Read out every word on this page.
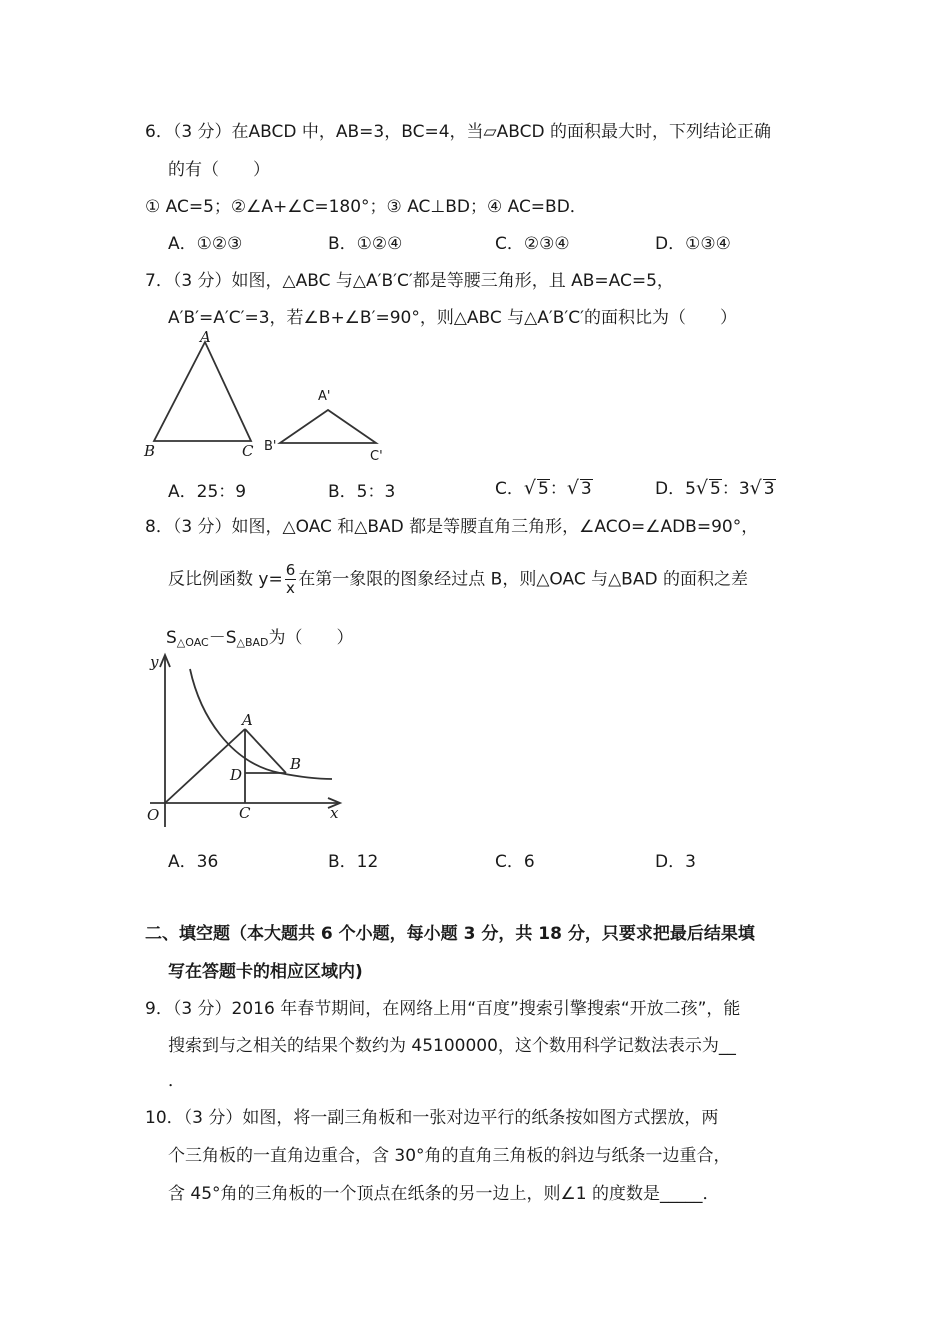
6．（3 分）在ABCD 中，AB=3，BC=4，当▱ABCD 的面积最大时，下列结论正确
的有（　　）
① AC=5；②∠A+∠C=180°；③ AC⊥BD；④ AC=BD．
A．①②③	B．①②④	C．②③④	D．①③④
7．（3 分）如图，△ABC 与△A′B′C′都是等腰三角形，且 AB=AC=5，
A′B′=A′C′=3，若∠B+∠B′=90°，则△ABC 与△A′B′C′的面积比为（　　）
A
B	C
A'
B'
C'
A．25：9	B．5：3	C．√ 5：√ 3	D．5√ 5：3√ 3
8．（3 分）如图，△OAC 和△BAD 都是等腰直角三角形，∠ACO=∠ADB=90°，
反比例函数 $y= \frac{6}{x}$ 在第一象限的图象经过点 B，则△OAC 与△BAD 的面积之差
$S_{\triangle OAC}-S_{\triangle BAD}$为（　　）
y
x
O
A
B
C
D
A．36	B．12	C．6	D．3
二、填空题（本大题共 6 个小题，每小题 3 分，共 18 分，只要求把最后结果填
写在答题卡的相应区域内)
9．（3 分）2016 年春节期间，在网络上用“百度”搜索引擎搜索“开放二孩”，能
搜索到与之相关的结果个数约为 45100000，这个数用科学记数法表示为__
．
10．（3 分）如图，将一副三角板和一张对边平行的纸条按如图方式摆放，两
个三角板的一直角边重合，含 30°角的直角三角板的斜边与纸条一边重合，
含 45°角的三角板的一个顶点在纸条的另一边上，则∠1 的度数是_____．
